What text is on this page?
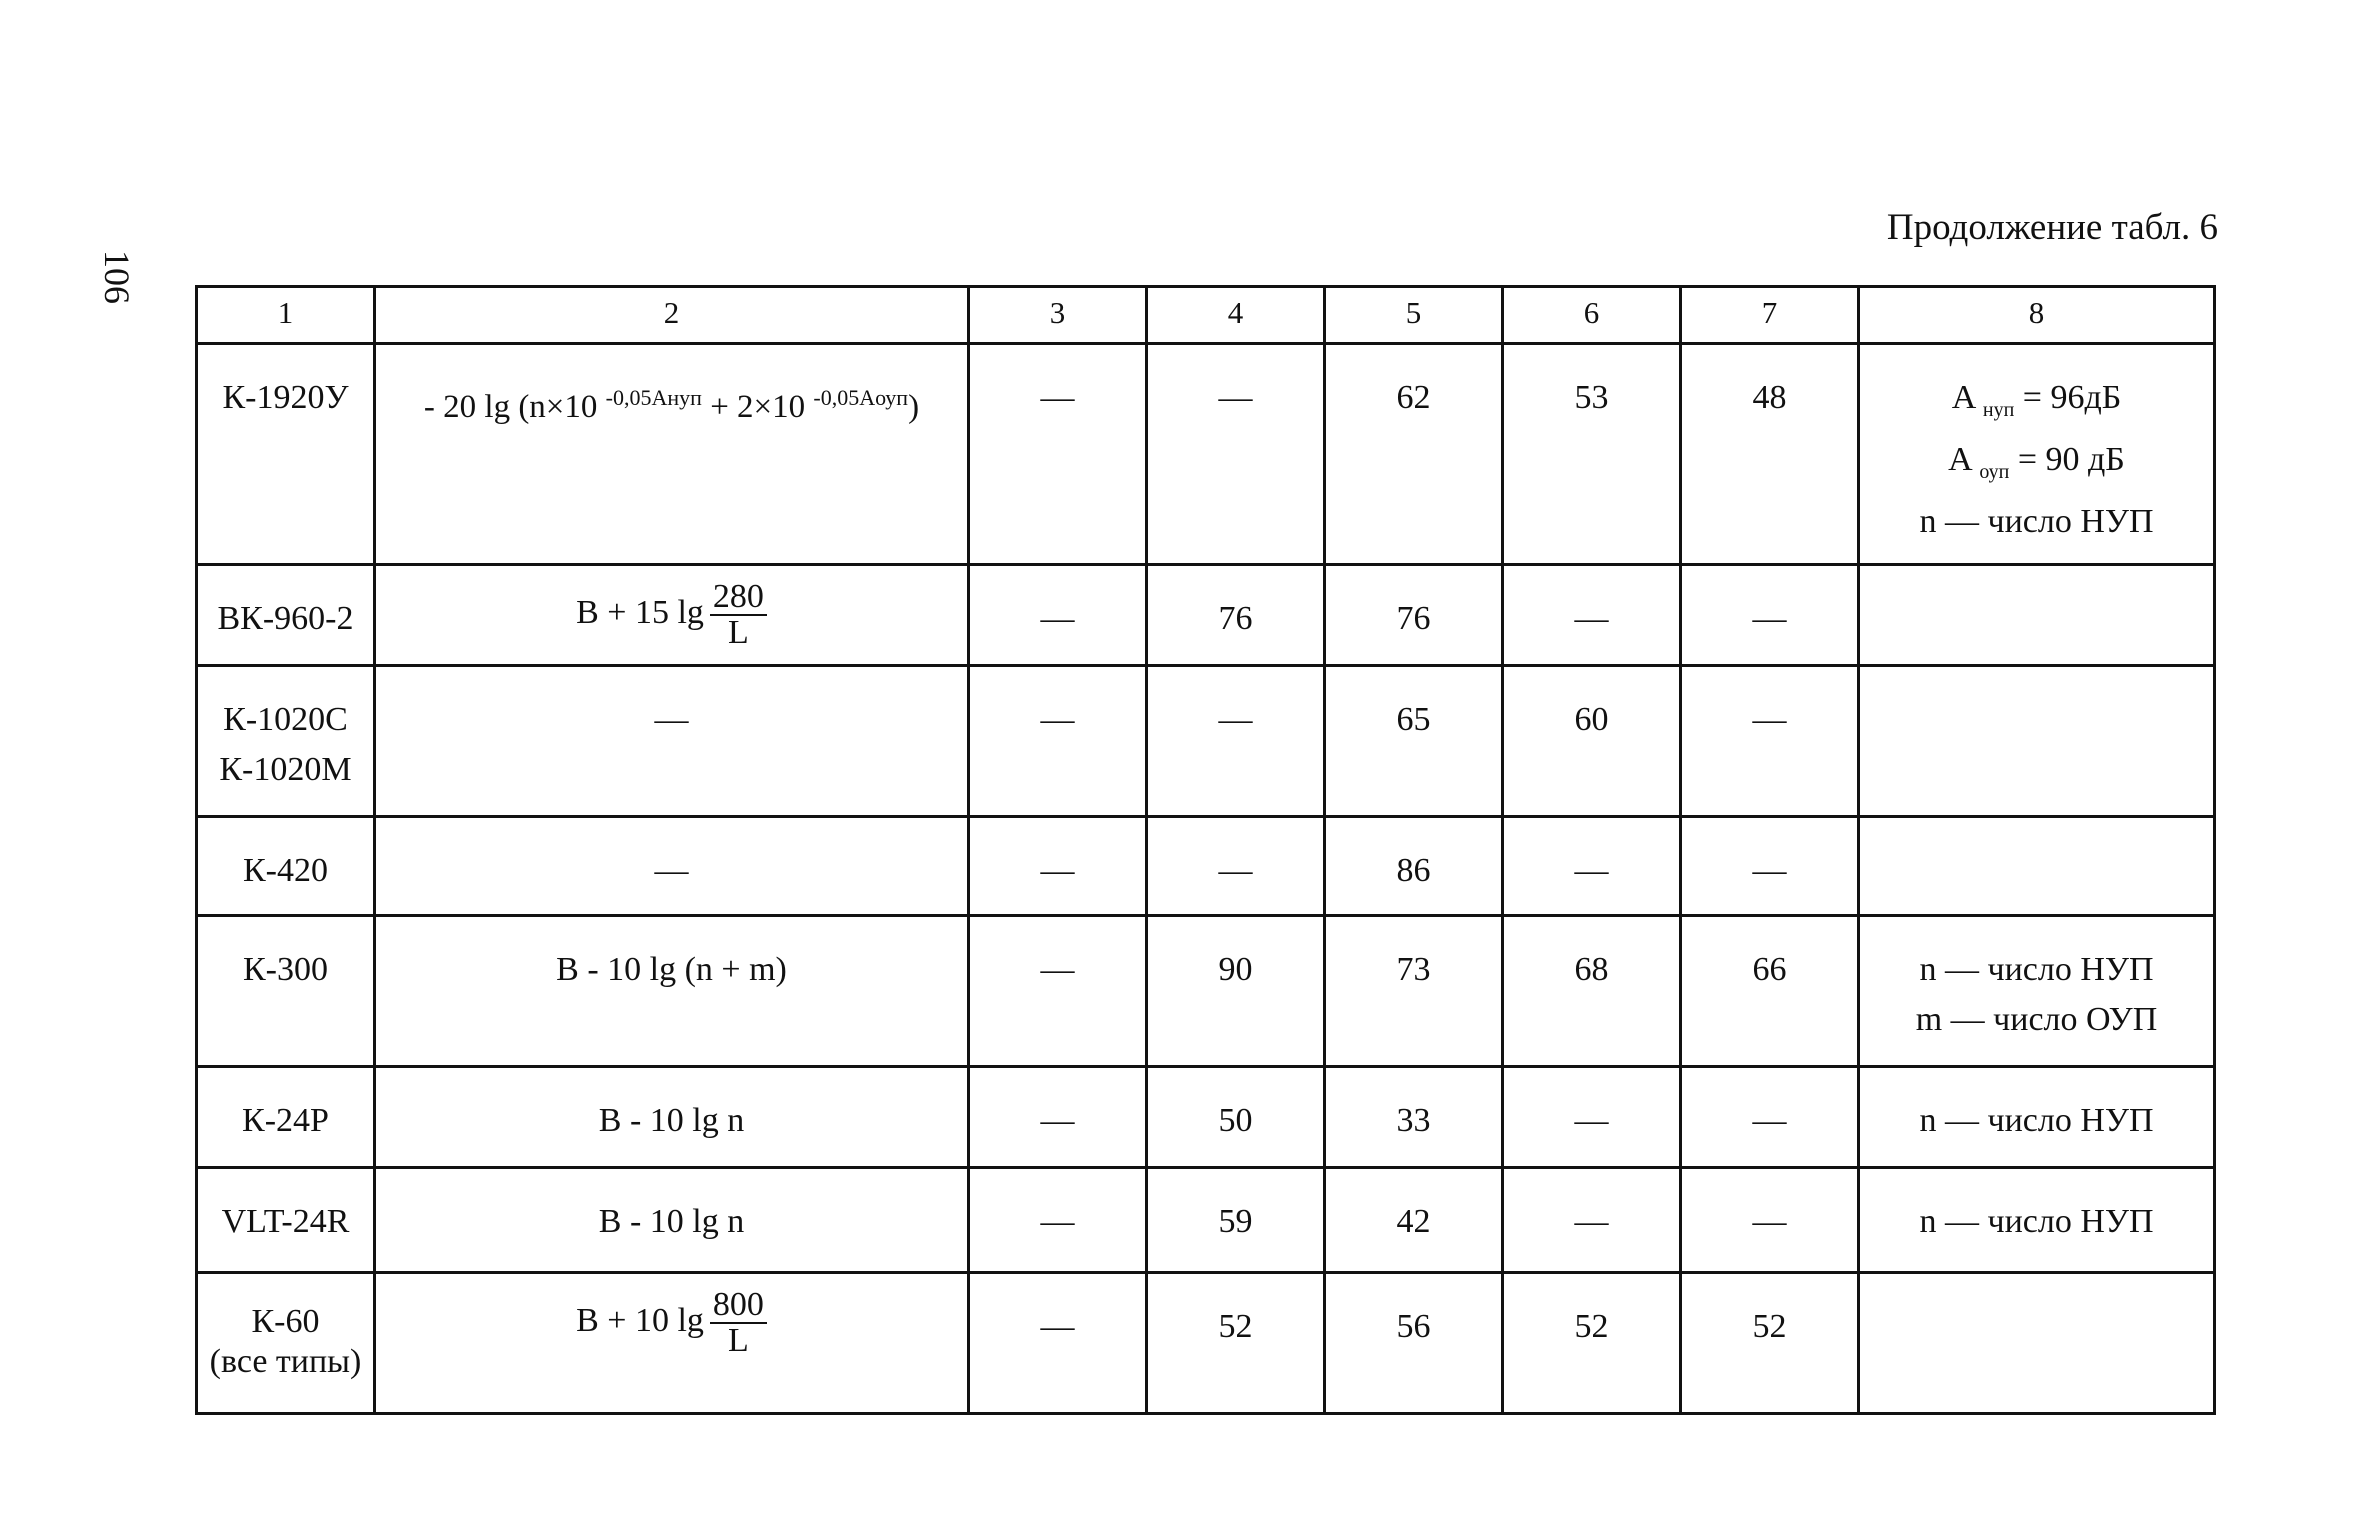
106
Продолжение табл. 6
1	2	3	4	5	6	7	8
К-1920У	- 20 lg (n×10 $^{-0,05Aнуп}$ + 2×10 $^{-0,05Aоуп}$)	—	—	62	53	48	A $_{нуп}$ = 96дБ
A $_{оуп}$ = 90 дБ
n — число НУП

ВК-960-2	B + 15 $\lg \frac{280}{L}$	—	76	76	—	—	

К-1020С
К-1020М	—	—	—	65	60	—	
К-420	—	—	—	86	—	—	
К-300	B - 10 lg (n + m)	—	90	73	68	66	n — число НУП
m — число ОУП

К-24Р	B - 10 lg n	—	50	33	—	—	n — число НУП
VLT-24R	B - 10 lg n	—	59	42	—	—	n — число НУП

К-60
(все типы)	B + 10 $\lg \frac{800}{L}$	—	52	56	52	52	
